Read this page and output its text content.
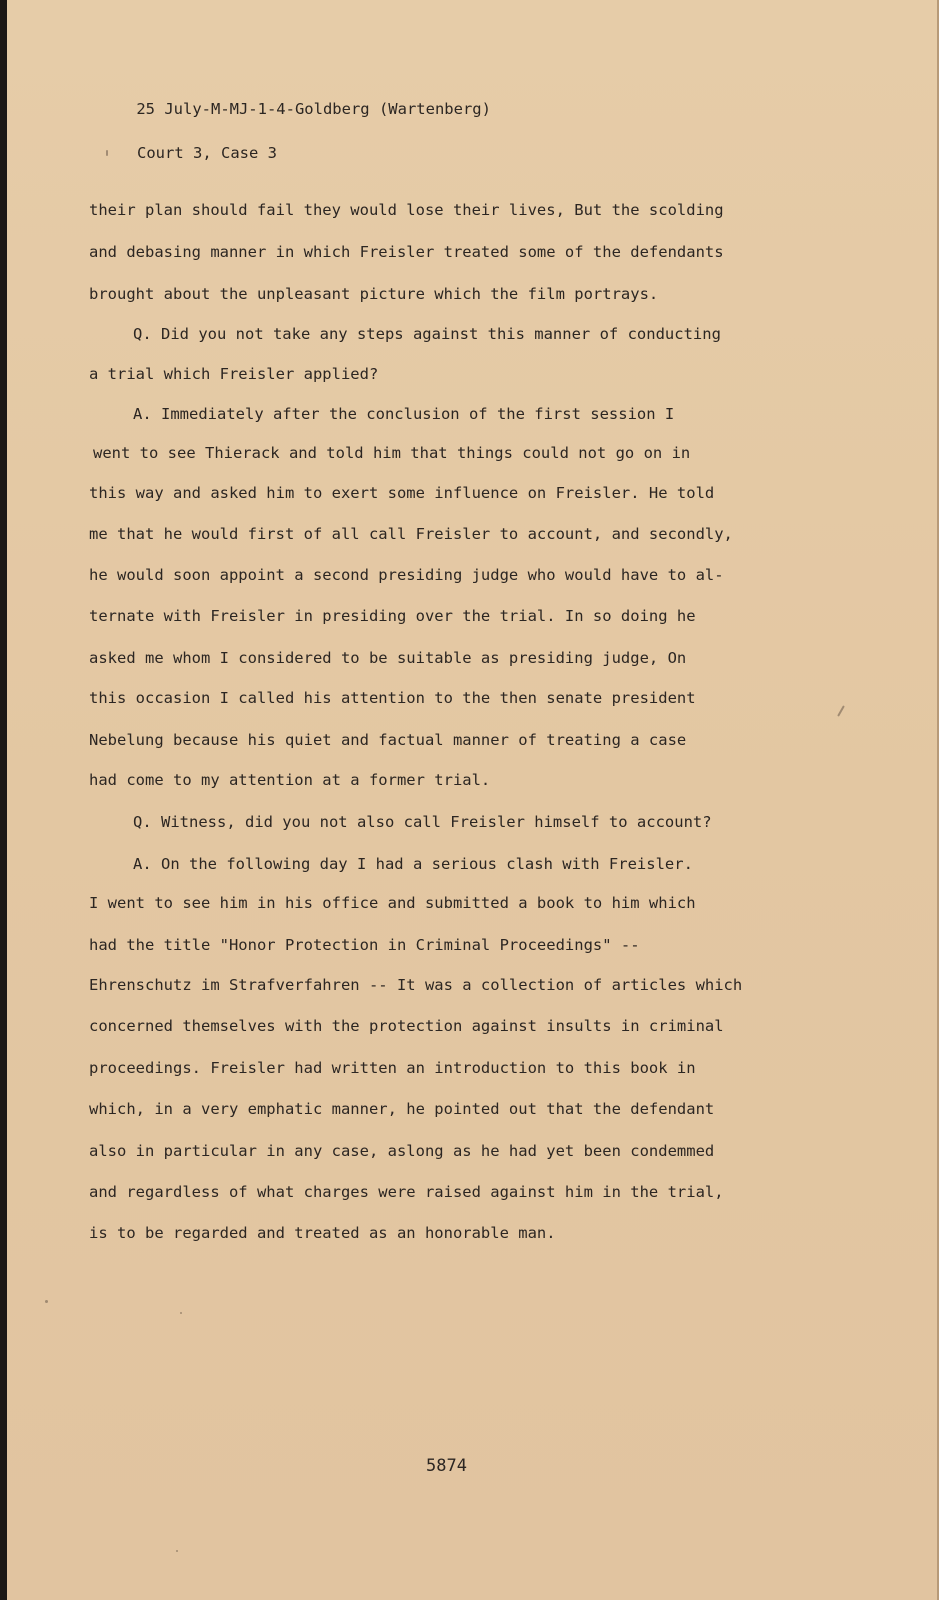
25 July-M-MJ-1-4-Goldberg (Wartenberg)

Court 3, Case 3

their plan should fail they would lose their lives, But the scolding
and debasing manner in which Freisler treated some of the defendants
brought about the unpleasant picture which the film portrays.
Q. Did you not take any steps against this manner of conducting
a trial which Freisler applied?
A. Immediately after the conclusion of the first session I
went to see Thierack and told him that things could not go on in
this way and asked him to exert some influence on Freisler. He told
me that he would first of all call Freisler to account, and secondly,
he would soon appoint a second presiding judge who would have to al-
ternate with Freisler in presiding over the trial. In so doing he
asked me whom I considered to be suitable as presiding judge, On
this occasion I called his attention to the then senate president
Nebelung because his quiet and factual manner of treating a case
had come to my attention at a former trial.
Q. Witness, did you not also call Freisler himself to account?
A. On the following day I had a serious clash with Freisler.
I went to see him in his office and submitted a book to him which
had the title "Honor Protection in Criminal Proceedings" --
Ehrenschutz im Strafverfahren -- It was a collection of articles which
concerned themselves with the protection against insults in criminal
proceedings. Freisler had written an introduction to this book in
which, in a very emphatic manner, he pointed out that the defendant
also in particular in any case, aslong as he had yet been condemmed
and regardless of what charges were raised against him in the trial,
is to be regarded and treated as an honorable man.
5874
